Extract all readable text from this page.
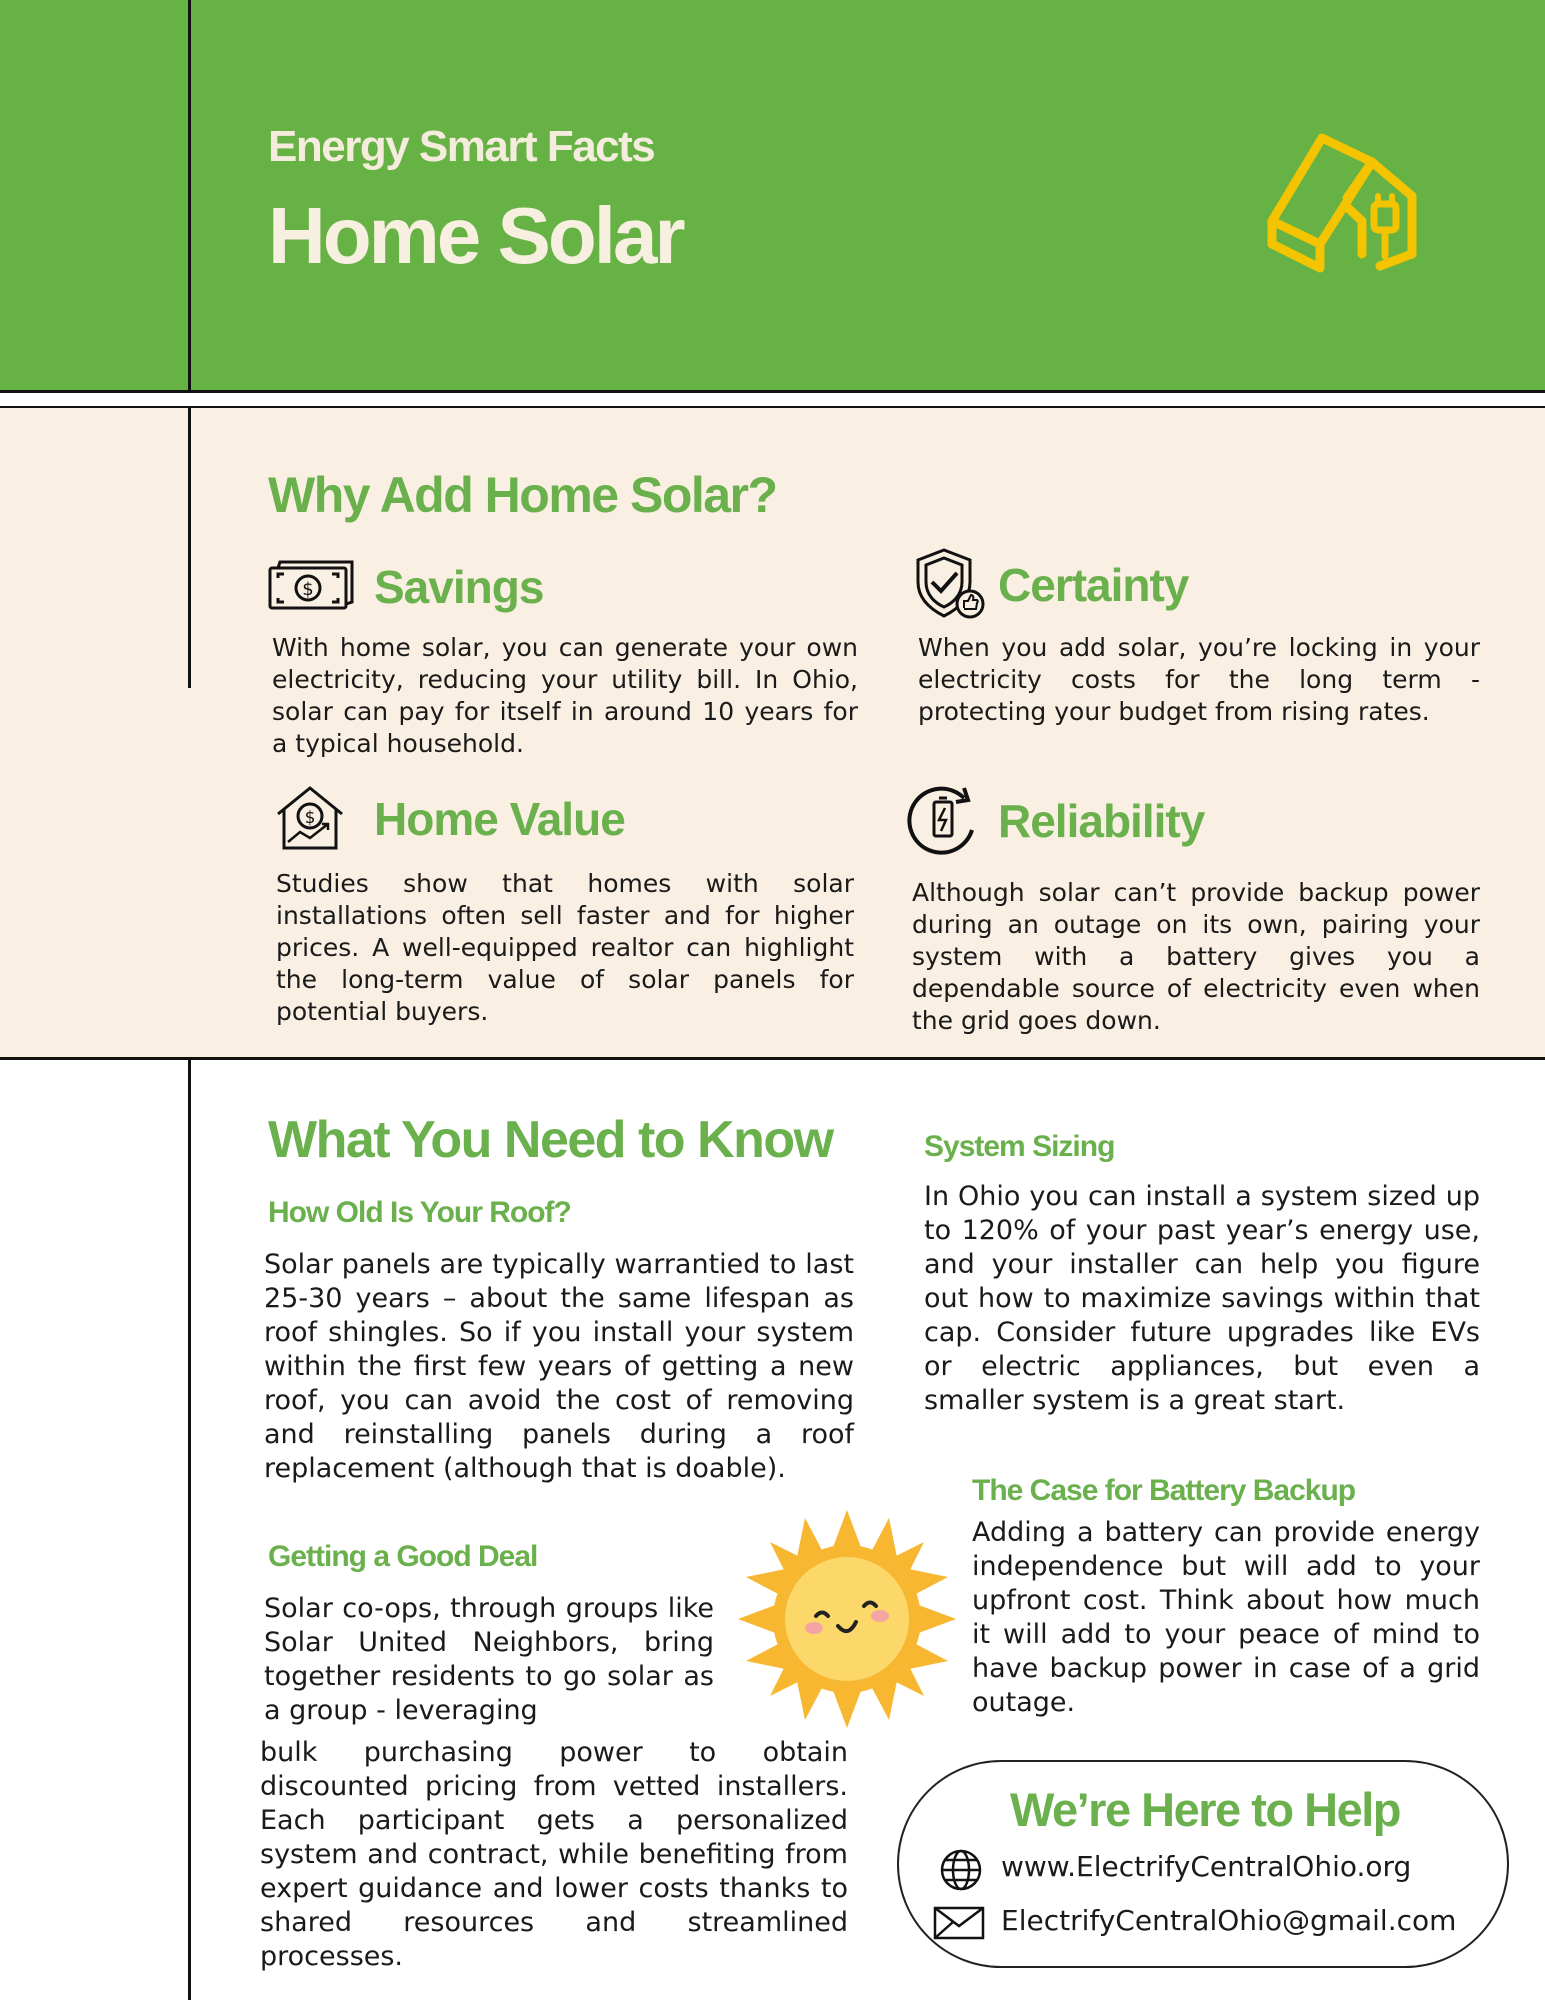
Energy Smart Facts
Home Solar
Why Add Home Solar?
$ Savings
With home solar, you can generate your own electricity, reducing your utility bill. In Ohio, solar can pay for itself in around 10 years for a typical household.
Certainty
When you add solar, you’re locking in your electricity costs for the long term - protecting your budget from rising rates.
$ Home Value
Studies show that homes with solar installations often sell faster and for higher prices. A well-equipped realtor can highlight the long-term value of solar panels for potential buyers.
Reliability
Although solar can’t provide backup power during an outage on its own, pairing your system with a battery gives you a dependable source of electricity even when the grid goes down.
What You Need to Know
How Old Is Your Roof?
Solar panels are typically warrantied to last 25-30 years – about the same lifespan as roof shingles. So if you install your system within the first few years of getting a new roof, you can avoid the cost of removing and reinstalling panels during a roof replacement (although that is doable).
Getting a Good Deal
Solar co-ops, through groups like Solar United Neighbors, bring together residents to go solar as a group - leveraging
bulk purchasing power to obtain discounted pricing from vetted installers. Each participant gets a personalized system and contract, while benefiting from expert guidance and lower costs thanks to shared resources and streamlined processes.
System Sizing
In Ohio you can install a system sized up to 120% of your past year’s energy use, and your installer can help you figure out how to maximize savings within that cap. Consider future upgrades like EVs or electric appliances, but even a smaller system is a great start.
The Case for Battery Backup
Adding a battery can provide energy independence but will add to your upfront cost. Think about how much it will add to your peace of mind to have backup power in case of a grid outage.
We’re Here to Help
www.ElectrifyCentralOhio.org
ElectrifyCentralOhio@gmail.com
